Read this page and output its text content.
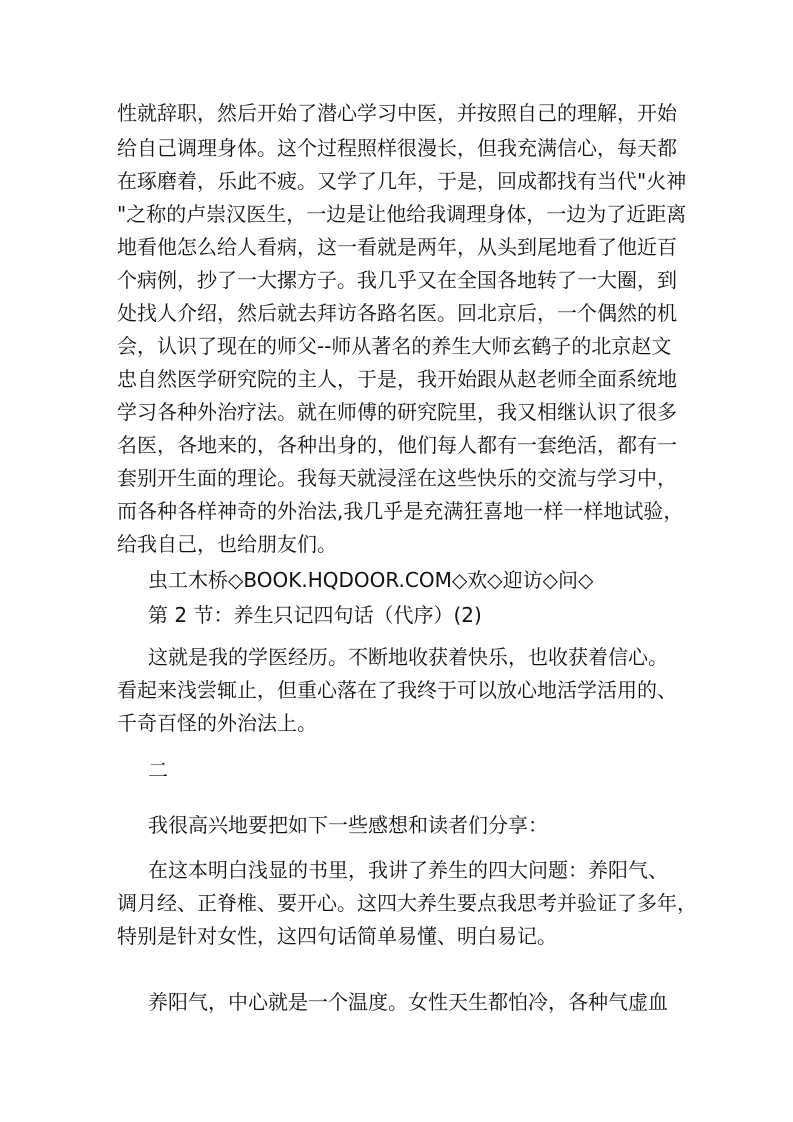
性就辞职，然后开始了潜心学习中医，并按照自己的理解，开始
给自己调理身体。这个过程照样很漫长，但我充满信心，每天都
在琢磨着，乐此不疲。又学了几年，于是，回成都找有当代"火神
"之称的卢崇汉医生，一边是让他给我调理身体，一边为了近距离
地看他怎么给人看病，这一看就是两年，从头到尾地看了他近百
个病例，抄了一大摞方子。我几乎又在全国各地转了一大圈，到
处找人介绍，然后就去拜访各路名医。回北京后，一个偶然的机
会，认识了现在的师父--师从著名的养生大师玄鹤子的北京赵文
忠自然医学研究院的主人，于是，我开始跟从赵老师全面系统地
学习各种外治疗法。就在师傅的研究院里，我又相继认识了很多
名医，各地来的，各种出身的，他们每人都有一套绝活，都有一
套别开生面的理论。我每天就浸淫在这些快乐的交流与学习中，
而各种各样神奇的外治法,我几乎是充满狂喜地一样一样地试验，
给我自己，也给朋友们。
虫工木桥◇BOOK.HQDOOR.COM◇欢◇迎访◇问◇
第 2 节：养生只记四句话（代序）(2)
这就是我的学医经历。不断地收获着快乐，也收获着信心。
看起来浅尝辄止，但重心落在了我终于可以放心地活学活用的、
千奇百怪的外治法上。
二
我很高兴地要把如下一些感想和读者们分享：
在这本明白浅显的书里，我讲了养生的四大问题：养阳气、
调月经、正脊椎、要开心。这四大养生要点我思考并验证了多年，
特别是针对女性，这四句话简单易懂、明白易记。
养阳气，中心就是一个温度。女性天生都怕冷，各种气虚血
